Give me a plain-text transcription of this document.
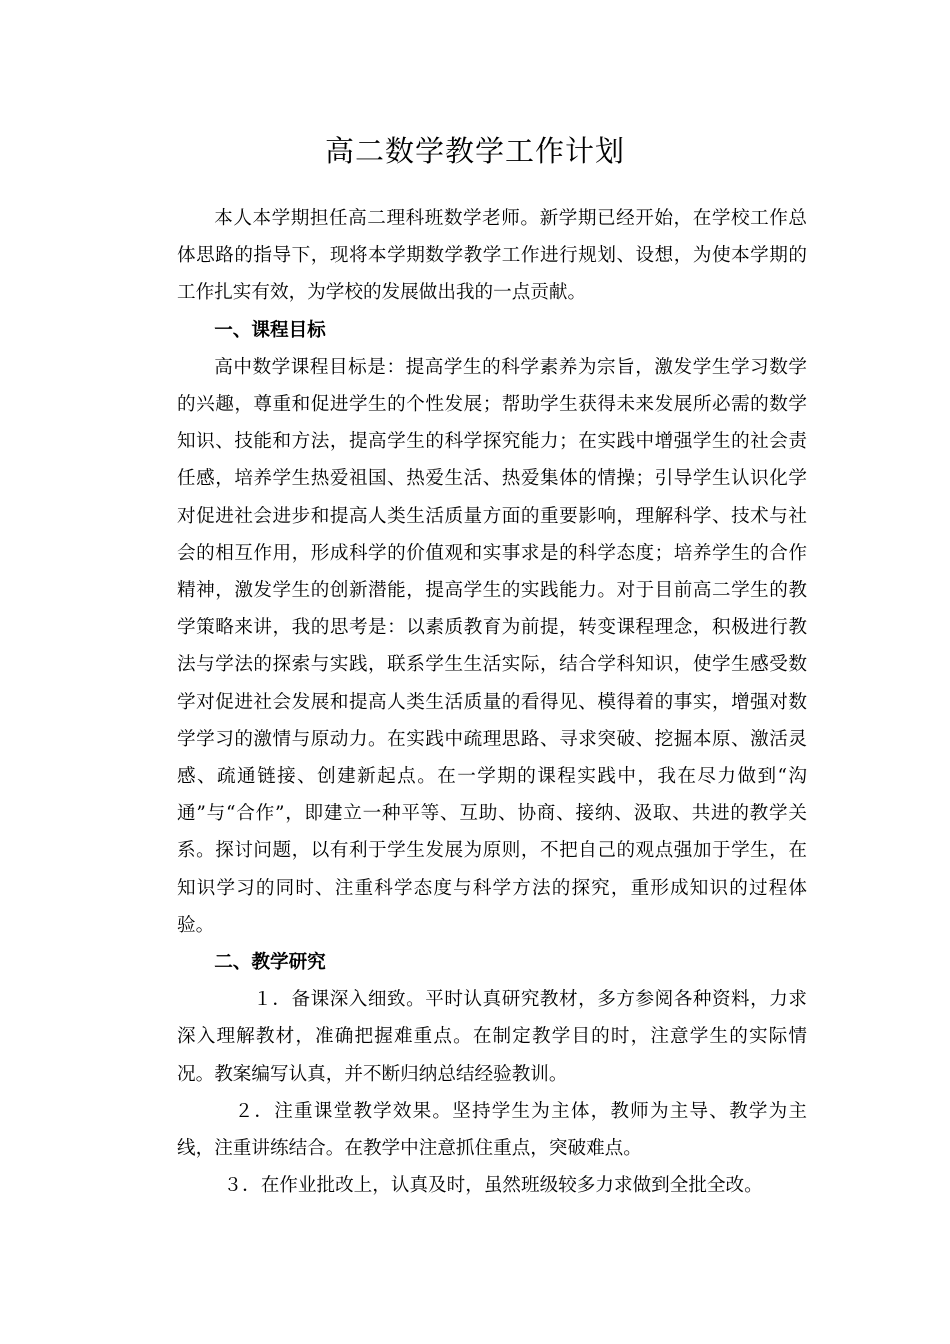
高二数学教学工作计划

本人本学期担任高二理科班数学老师。新学期已经开始，在学校工作总体思路的指导下，现将本学期数学教学工作进行规划、设想，为使本学期的工作扎实有效，为学校的发展做出我的一点贡献。

一、课程目标

高中数学课程目标是：提高学生的科学素养为宗旨，激发学生学习数学的兴趣，尊重和促进学生的个性发展；帮助学生获得未来发展所必需的数学知识、技能和方法，提高学生的科学探究能力；在实践中增强学生的社会责任感，培养学生热爱祖国、热爱生活、热爱集体的情操；引导学生认识化学对促进社会进步和提高人类生活质量方面的重要影响，理解科学、技术与社会的相互作用，形成科学的价值观和实事求是的科学态度；培养学生的合作精神，激发学生的创新潜能，提高学生的实践能力。对于目前高二学生的教学策略来讲，我的思考是：以素质教育为前提，转变课程理念，积极进行教法与学法的探索与实践，联系学生生活实际，结合学科知识，使学生感受数学对促进社会发展和提高人类生活质量的看得见、模得着的事实，增强对数学学习的激情与原动力。在实践中疏理思路、寻求突破、挖掘本原、激活灵感、疏通链接、创建新起点。在一学期的课程实践中，我在尽力做到“沟通”与“合作”，即建立一种平等、互助、协商、接纳、汲取、共进的教学关系。探讨问题，以有利于学生发展为原则，不把自己的观点强加于学生，在知识学习的同时、注重科学态度与科学方法的探究，重形成知识的过程体验。

二、教学研究

１．备课深入细致。平时认真研究教材，多方参阅各种资料，力求深入理解教材，准确把握难重点。在制定教学目的时，注意学生的实际情况。教案编写认真，并不断归纳总结经验教训。

２．注重课堂教学效果。坚持学生为主体，教师为主导、教学为主线，注重讲练结合。在教学中注意抓住重点，突破难点。

３．在作业批改上，认真及时，虽然班级较多力求做到全批全改。
